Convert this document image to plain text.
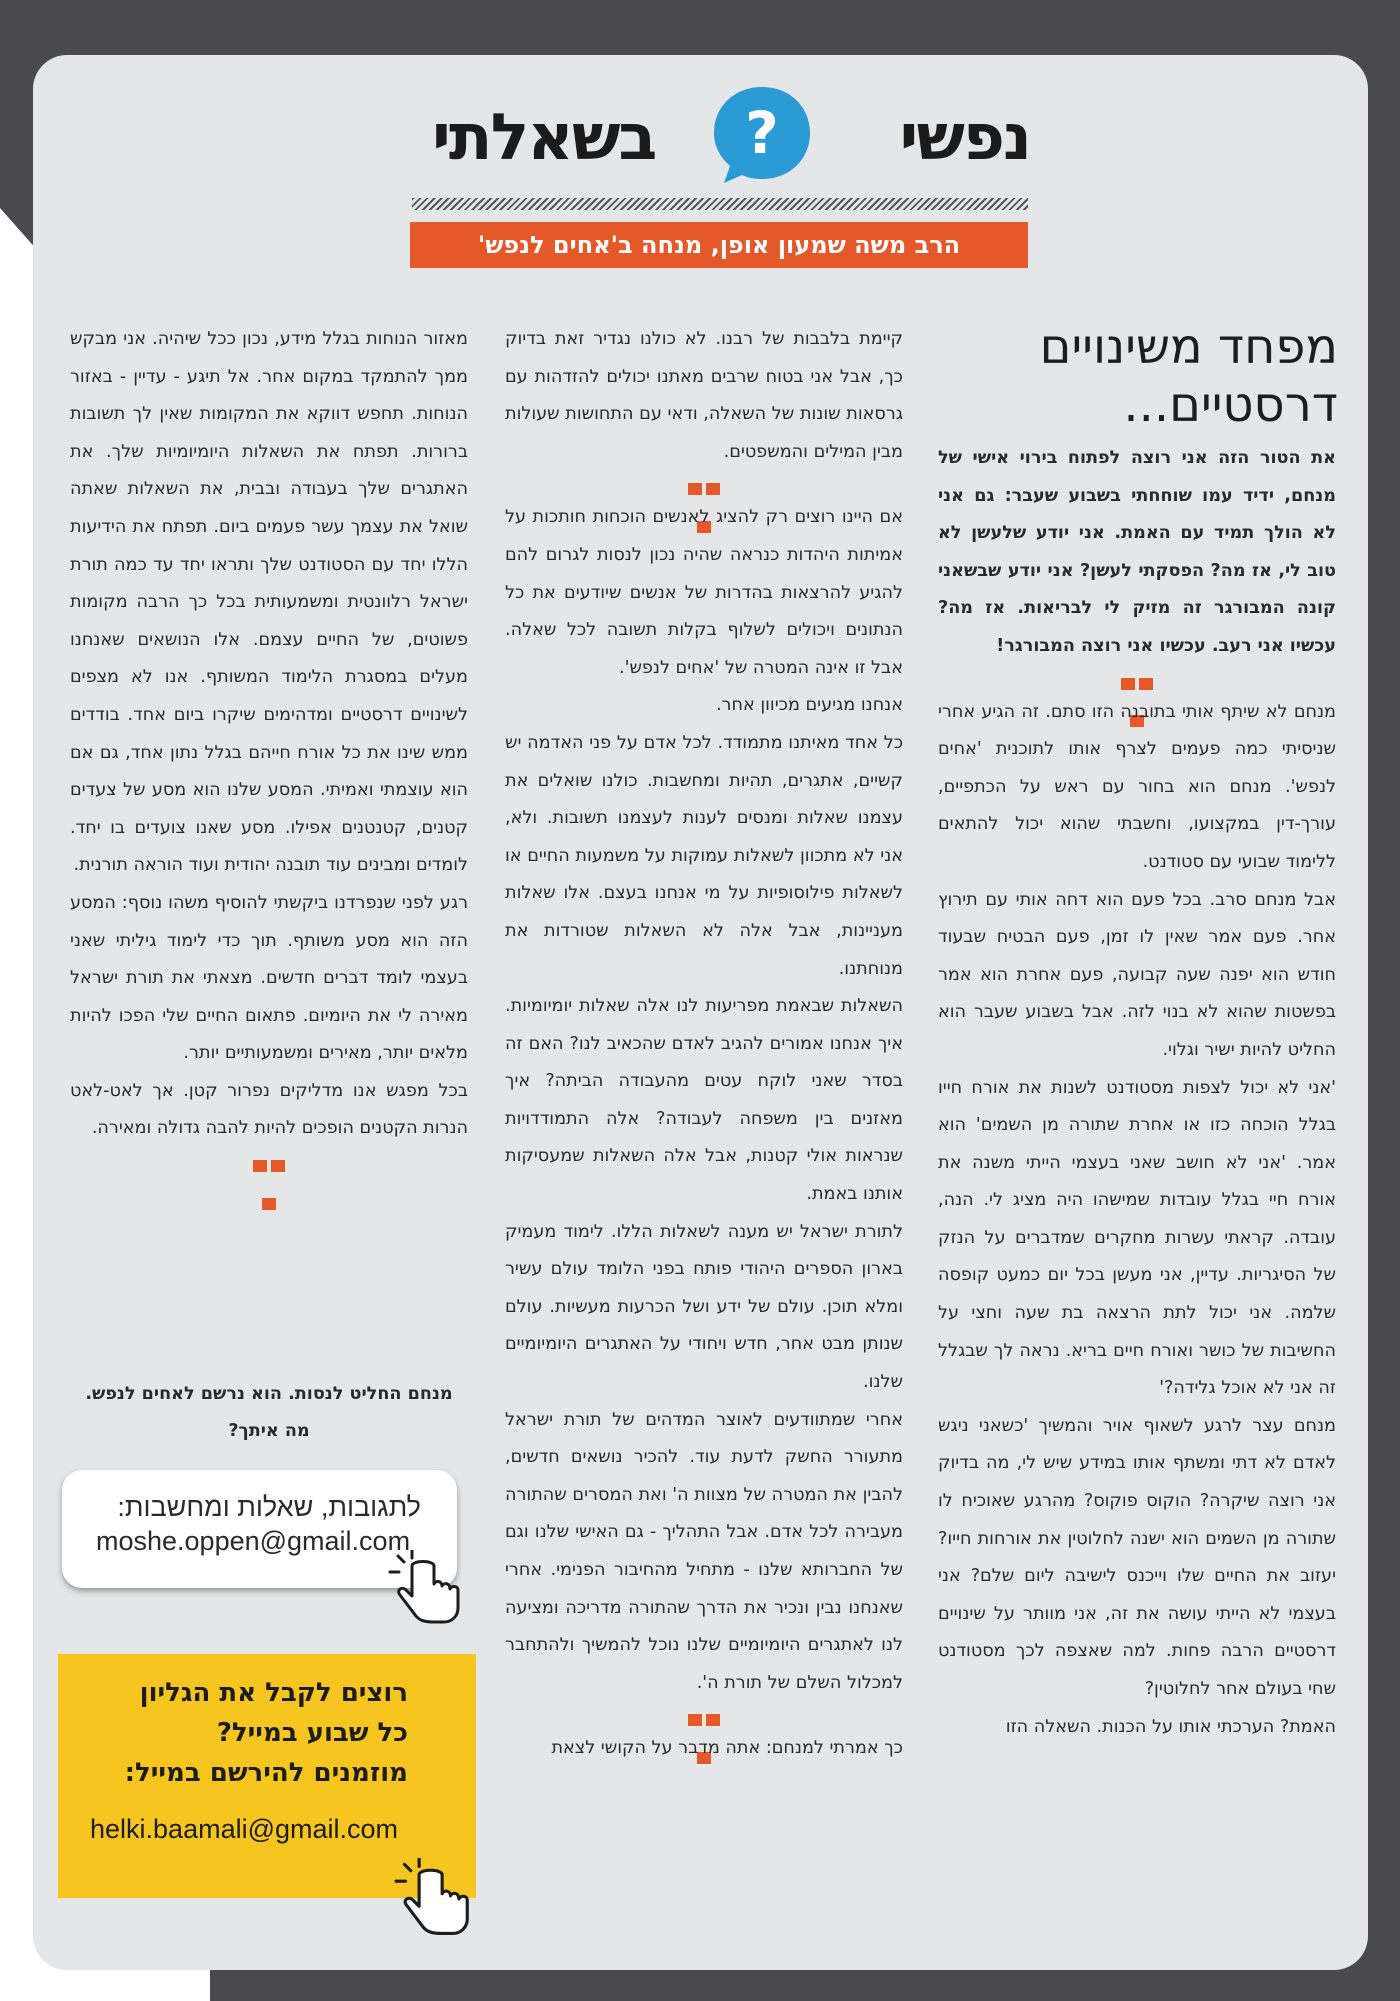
נפשי
?
בשאלתי
הרב משה שמעון אופן, מנחה ב'אחים לנפש'
מפחד משינויים
דרסטיים...

את הטור הזה אני רוצה לפתוח בירוי אישי של מנחם, ידיד עמו שוחחתי בשבוע שעבר: גם אני לא הולך תמיד עם האמת. אני יודע שלעשן לא טוב לי, אז מה? הפסקתי לעשן? אני יודע שבשאני קונה המבורגר זה מזיק לי לבריאות. אז מה? עכשיו אני רעב. עכשיו אני רוצה המבורגר!

מנחם לא שיתף אותי בתובנה הזו סתם. זה הגיע אחרי שניסיתי כמה פעמים לצרף אותו לתוכנית 'אחים לנפש'. מנחם הוא בחור עם ראש על הכתפיים, עורך-דין במקצועו, וחשבתי שהוא יכול להתאים ללימוד שבועי עם סטודנט.

אבל מנחם סרב. בכל פעם הוא דחה אותי עם תירוץ אחר. פעם אמר שאין לו זמן, פעם הבטיח שבעוד חודש הוא יפנה שעה קבועה, פעם אחרת הוא אמר בפשטות שהוא לא בנוי לזה. אבל בשבוע שעבר הוא החליט להיות ישיר וגלוי.

'אני לא יכול לצפות מסטודנט לשנות את אורח חייו בגלל הוכחה כזו או אחרת שתורה מן השמים' הוא אמר. 'אני לא חושב שאני בעצמי הייתי משנה את אורח חיי בגלל עובדות שמישהו היה מציג לי. הנה, עובדה. קראתי עשרות מחקרים שמדברים על הנזק של הסיגריות. עדיין, אני מעשן בכל יום כמעט קופסה שלמה. אני יכול לתת הרצאה בת שעה וחצי על החשיבות של כושר ואורח חיים בריא. נראה לך שבגלל זה אני לא אוכל גלידה?'

מנחם עצר לרגע לשאוף אויר והמשיך 'כשאני ניגש לאדם לא דתי ומשתף אותו במידע שיש לי, מה בדיוק אני רוצה שיקרה? הוקוס פוקוס? מהרגע שאוכיח לו שתורה מן השמים הוא ישנה לחלוטין את אורחות חייו? יעזוב את החיים שלו וייכנס לישיבה ליום שלם? אני בעצמי לא הייתי עושה את זה, אני מוותר על שינויים דרסטיים הרבה פחות. למה שאצפה לכך מסטודנט שחי בעולם אחר לחלוטין?

האמת? הערכתי אותו על הכנות. השאלה הזו

קיימת בלבבות של רבנו. לא כולנו נגדיר זאת בדיוק כך, אבל אני בטוח שרבים מאתנו יכולים להזדהות עם גרסאות שונות של השאלה, ודאי עם התחושות שעולות מבין המילים והמשפטים.

אם היינו רוצים רק להציג לאנשים הוכחות חותכות על אמיתות היהדות כנראה שהיה נכון לנסות לגרום להם להגיע להרצאות בהדרות של אנשים שיודעים את כל הנתונים ויכולים לשלוף בקלות תשובה לכל שאלה. אבל זו אינה המטרה של 'אחים לנפש'.

אנחנו מגיעים מכיוון אחר.

כל אחד מאיתנו מתמודד. לכל אדם על פני האדמה יש קשיים, אתגרים, תהיות ומחשבות. כולנו שואלים את עצמנו שאלות ומנסים לענות לעצמנו תשובות. ולא, אני לא מתכוון לשאלות עמוקות על משמעות החיים או לשאלות פילוסופיות על מי אנחנו בעצם. אלו שאלות מעניינות, אבל אלה לא השאלות שטורדות את מנוחתנו.

השאלות שבאמת מפריעות לנו אלה שאלות יומיומיות. איך אנחנו אמורים להגיב לאדם שהכאיב לנו? האם זה בסדר שאני לוקח עטים מהעבודה הביתה? איך מאזנים בין משפחה לעבודה? אלה התמודדויות שנראות אולי קטנות, אבל אלה השאלות שמעסיקות אותנו באמת.

לתורת ישראל יש מענה לשאלות הללו. לימוד מעמיק בארון הספרים היהודי פותח בפני הלומד עולם עשיר ומלא תוכן. עולם של ידע ושל הכרעות מעשיות. עולם שנותן מבט אחר, חדש ויחודי על האתגרים היומיומיים שלנו.

אחרי שמתוודעים לאוצר המדהים של תורת ישראל מתעורר החשק לדעת עוד. להכיר נושאים חדשים, להבין את המטרה של מצוות ה' ואת המסרים שהתורה מעבירה לכל אדם. אבל התהליך - גם האישי שלנו וגם של החברותא שלנו - מתחיל מהחיבור הפנימי. אחרי שאנחנו נבין ונכיר את הדרך שהתורה מדריכה ומציעה לנו לאתגרים היומיומיים שלנו נוכל להמשיך ולהתחבר למכלול השלם של תורת ה'.

כך אמרתי למנחם: אתה מדבר על הקושי לצאת

מאזור הנוחות בגלל מידע, נכון ככל שיהיה. אני מבקש ממך להתמקד במקום אחר. אל תיגע - עדיין - באזור הנוחות. תחפש דווקא את המקומות שאין לך תשובות ברורות. תפתח את השאלות היומיומיות שלך. את האתגרים שלך בעבודה ובבית, את השאלות שאתה שואל את עצמך עשר פעמים ביום. תפתח את הידיעות הללו יחד עם הסטודנט שלך ותראו יחד עד כמה תורת ישראל רלוונטית ומשמעותית בכל כך הרבה מקומות פשוטים, של החיים עצמם. אלו הנושאים שאנחנו מעלים במסגרת הלימוד המשותף. אנו לא מצפים לשינויים דרסטיים ומדהימים שיקרו ביום אחד. בודדים ממש שינו את כל אורח חייהם בגלל נתון אחד, גם אם הוא עוצמתי ואמיתי. המסע שלנו הוא מסע של צעדים קטנים, קטנטנים אפילו. מסע שאנו צועדים בו יחד. לומדים ומבינים עוד תובנה יהודית ועוד הוראה תורנית.

רגע לפני שנפרדנו ביקשתי להוסיף משהו נוסף: המסע הזה הוא מסע משותף. תוך כדי לימוד גיליתי שאני בעצמי לומד דברים חדשים. מצאתי את תורת ישראל מאירה לי את היומיום. פתאום החיים שלי הפכו להיות מלאים יותר, מאירים ומשמעותיים יותר.

בכל מפגש אנו מדליקים נפרור קטן. אך לאט-לאט הנרות הקטנים הופכים להיות להבה גדולה ומאירה.

מנחם החליט לנסות. הוא נרשם לאחים לנפש. מה איתך?
לתגובות, שאלות ומחשבות:
moshe.oppen@gmail.com
רוצים לקבל את הגליון
כל שבוע במייל?
מוזמנים להירשם במייל:
helki.baamali@gmail.com
